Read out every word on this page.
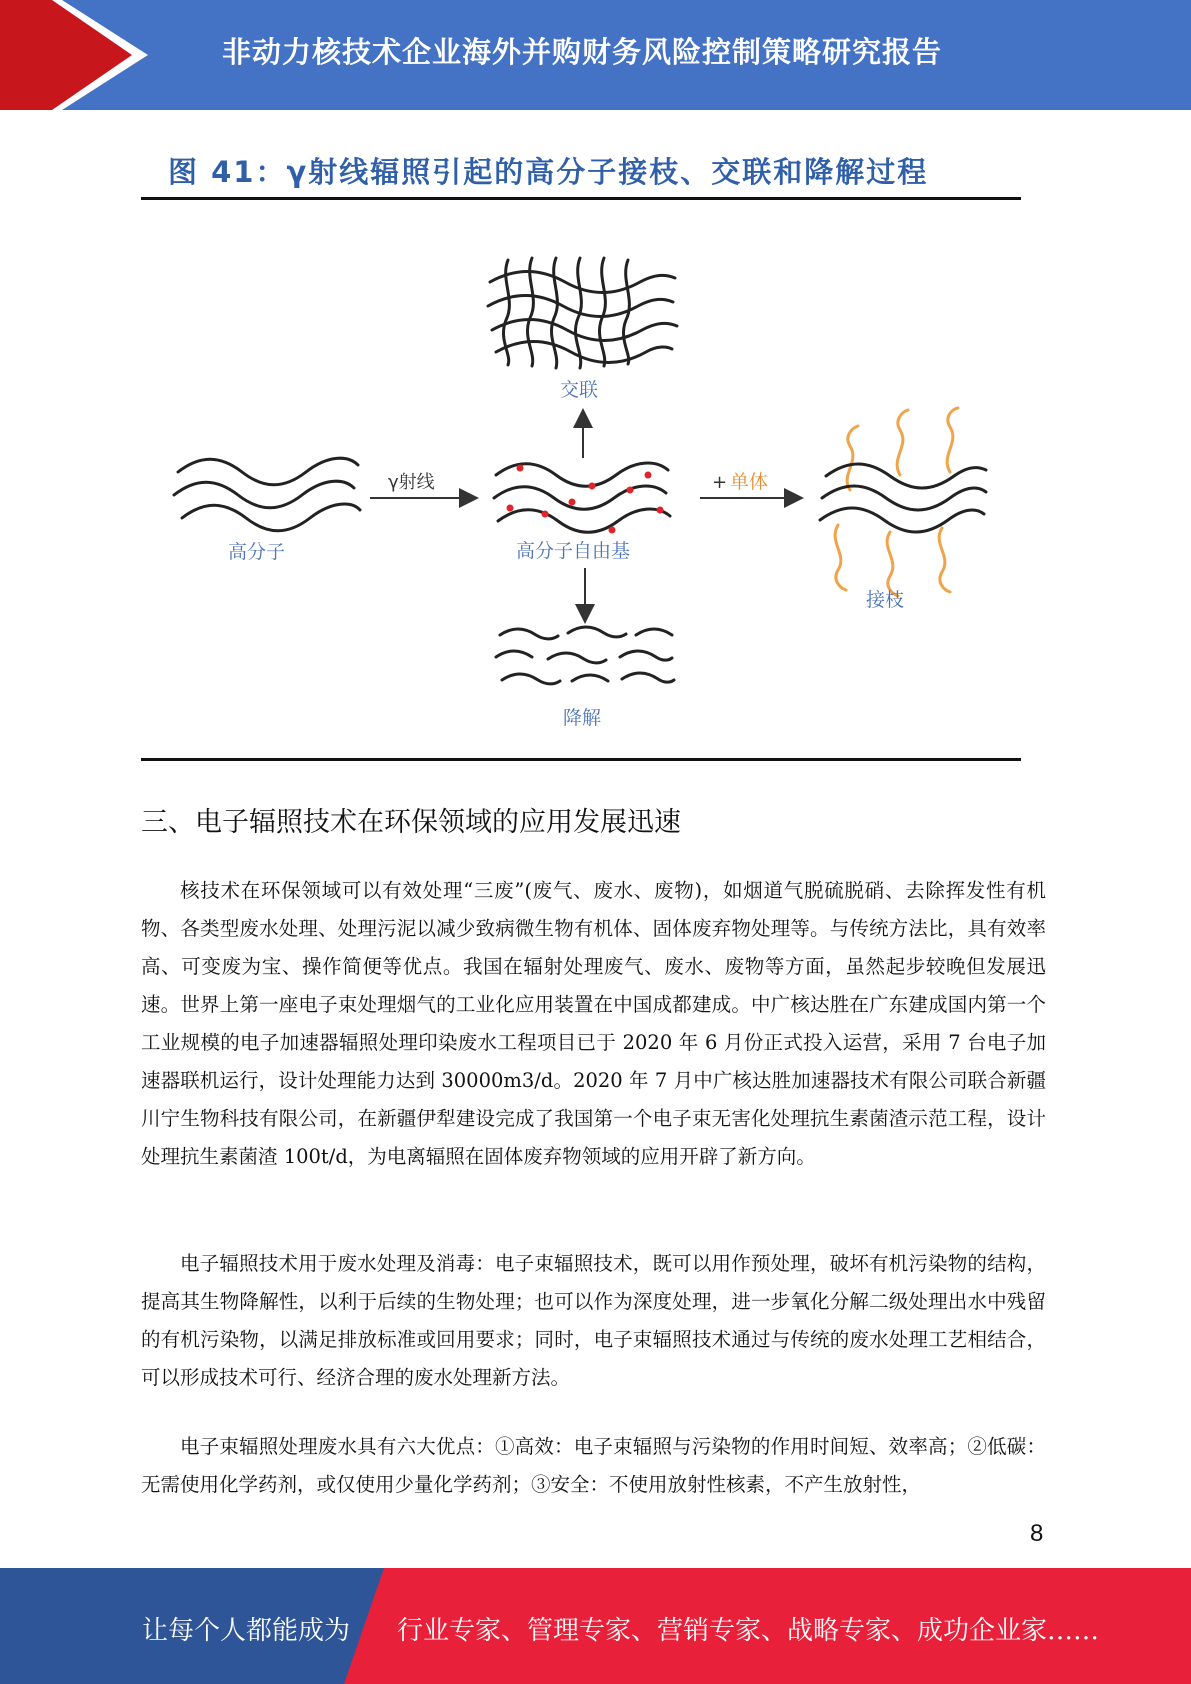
非动力核技术企业海外并购财务风险控制策略研究报告
图 41：γ射线辐照引起的高分子接枝、交联和降解过程
高分子
γ射线
高分子自由基
交联
降解
+ 单体
接枝
三、电子辐照技术在环保领域的应用发展迅速
核技术在环保领域可以有效处理“三废”(废气、废水、废物)，如烟道气脱硫脱硝、去除挥发性有机物、各类型废水处理、处理污泥以减少致病微生物有机体、固体废弃物处理等。与传统方法比，具有效率高、可变废为宝、操作简便等优点。我国在辐射处理废气、废水、废物等方面，虽然起步较晚但发展迅速。世界上第一座电子束处理烟气的工业化应用装置在中国成都建成。中广核达胜在广东建成国内第一个工业规模的电子加速器辐照处理印染废水工程项目已于 2020 年 6 月份正式投入运营，采用 7 台电子加速器联机运行，设计处理能力达到 30000m3/d。2020 年 7 月中广核达胜加速器技术有限公司联合新疆川宁生物科技有限公司，在新疆伊犁建设完成了我国第一个电子束无害化处理抗生素菌渣示范工程，设计处理抗生素菌渣 100t/d，为电离辐照在固体废弃物领域的应用开辟了新方向。
电子辐照技术用于废水处理及消毒：电子束辐照技术，既可以用作预处理，破坏有机污染物的结构，提高其生物降解性，以利于后续的生物处理；也可以作为深度处理，进一步氧化分解二级处理出水中残留的有机污染物，以满足排放标准或回用要求；同时，电子束辐照技术通过与传统的废水处理工艺相结合，可以形成技术可行、经济合理的废水处理新方法。
电子束辐照处理废水具有六大优点：①高效：电子束辐照与污染物的作用时间短、效率高；②低碳：无需使用化学药剂，或仅使用少量化学药剂；③安全：不使用放射性核素，不产生放射性，
8
让每个人都能成为 行业专家、管理专家、营销专家、战略专家、成功企业家……
